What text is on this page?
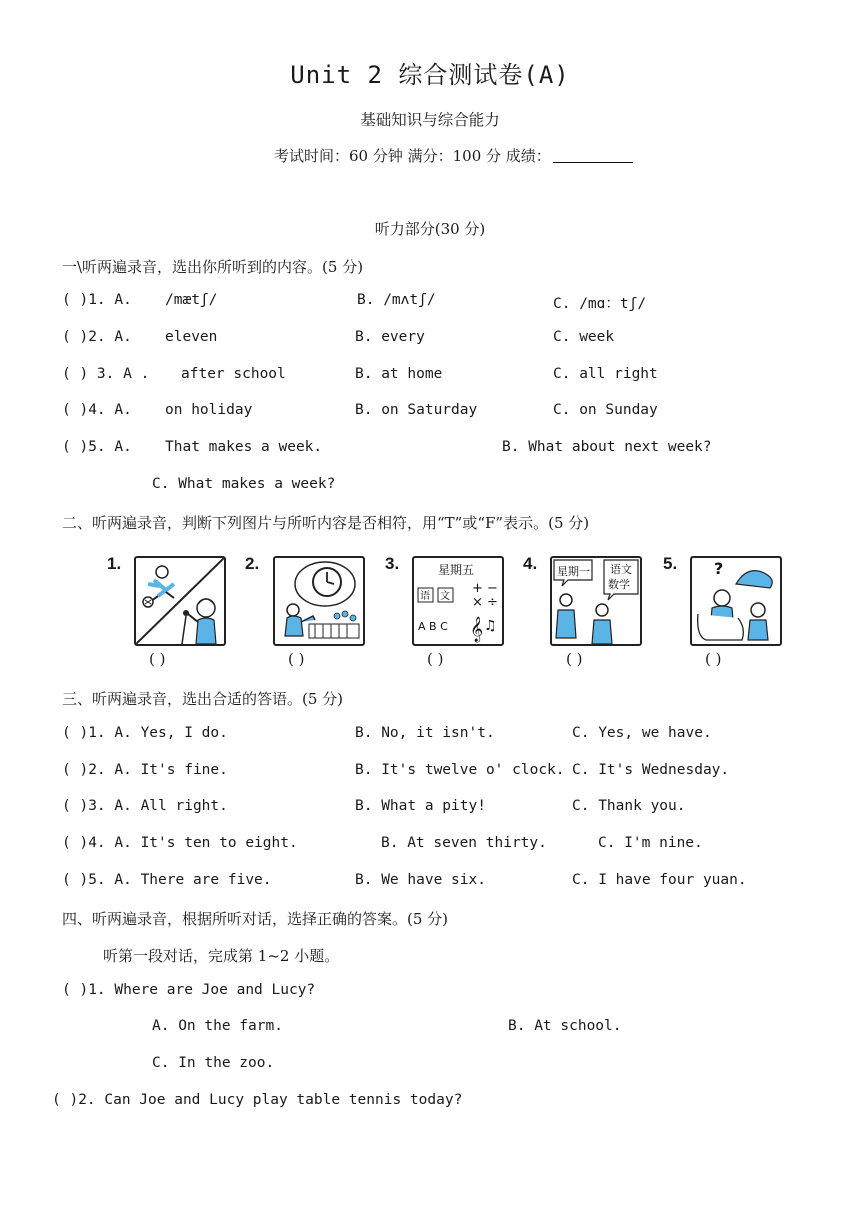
Unit 2 综合测试卷(A)
基础知识与综合能力
考试时间：60 分钟 满分：100 分 成绩：
听力部分(30 分)
一\听两遍录音，选出你所听到的内容。(5 分)
( )1. A. /mætʃ/	B. /mʌtʃ/	C. /mɑ：tʃ/
( )2. A. eleven	B. every	C. week
( ) 3. A . after school	B. at home	C. all right
( )4. A. on holiday	B. on Saturday	C. on Sunday
( )5. A. That makes a week.	B. What about next week?
C. What makes a week?
二、听两遍录音，判断下列图片与所听内容是否相符，用“T”或“F”表示。(5 分)
1.
( )
2.
( )
3.	星期五
语 文
+ −
× ÷
A B C 𝄞 ♫
( )
4. 星期一 语文
数学
( )
5. ?
( )
三、听两遍录音，选出合适的答语。(5 分)
( )1. A. Yes, I do.	B. No, it isn't.	C. Yes, we have.
( )2. A. It's fine.	B. It's twelve o' clock. C. It's Wednesday.
( )3. A. All right.	B. What a pity!	C. Thank you.
( )4. A. It's ten to eight.	B. At seven thirty.	C. I'm nine.
( )5. A. There are five.	B. We have six.	C. I have four yuan.
四、听两遍录音，根据所听对话，选择正确的答案。(5 分)
听第一段对话，完成第 1~2 小题。
( )1. Where are Joe and Lucy?
A. On the farm.	B. At school.
C. In the zoo.
( )2. Can Joe and Lucy play table tennis today?
